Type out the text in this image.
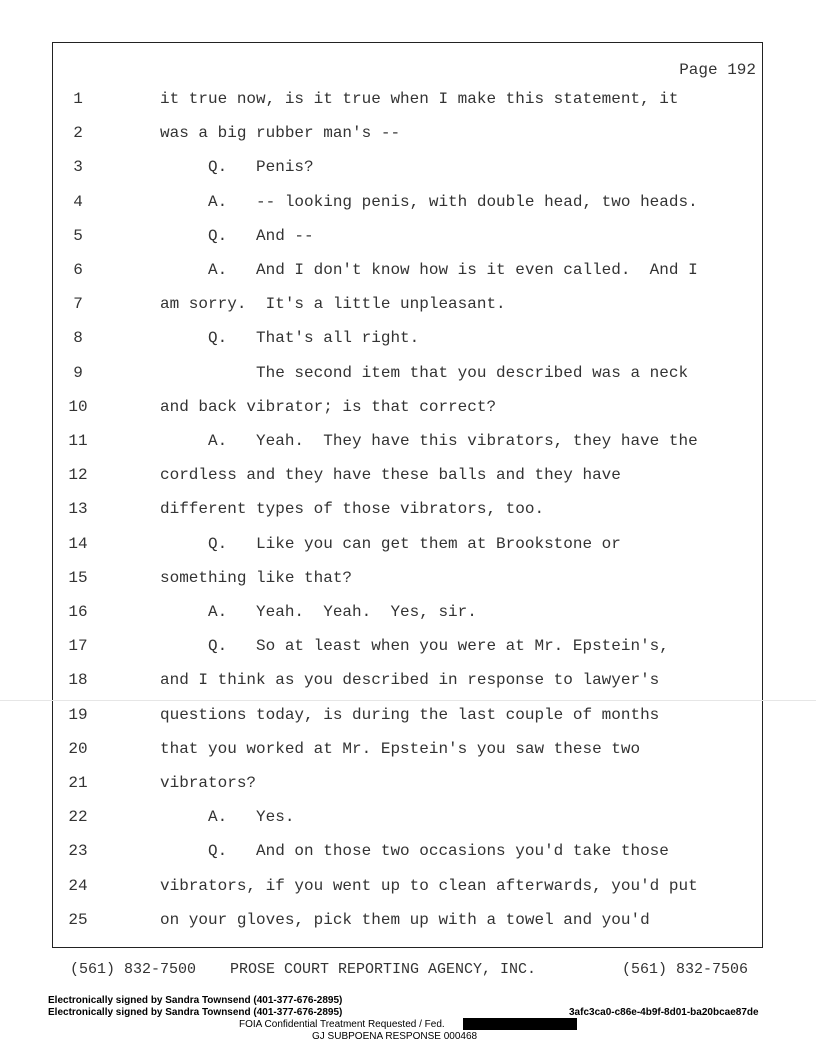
Page 192
1	it true now, is it true when I make this statement, it
2	was a big rubber man's --
3	Q.   Penis?
4	A.   -- looking penis, with double head, two heads.
5	Q.   And --
6	A.   And I don't know how is it even called.  And I
7	am sorry.  It's a little unpleasant.
8	Q.   That's all right.
9	The second item that you described was a neck
10	and back vibrator; is that correct?
11	A.   Yeah.  They have this vibrators, they have the
12	cordless and they have these balls and they have
13	different types of those vibrators, too.
14	Q.   Like you can get them at Brookstone or
15	something like that?
16	A.   Yeah.  Yeah.  Yes, sir.
17	Q.   So at least when you were at Mr. Epstein's,
18	and I think as you described in response to lawyer's
19	questions today, is during the last couple of months
20	that you worked at Mr. Epstein's you saw these two
21	vibrators?
22	A.   Yes.
23	Q.   And on those two occasions you'd take those
24	vibrators, if you went up to clean afterwards, you'd put
25	on your gloves, pick them up with a towel and you'd

(561) 832-7500

PROSE COURT REPORTING AGENCY, INC.

	(561) 832-7506

Electronically signed by Sandra Townsend (401-377-676-2895)
Electronically signed by Sandra Townsend (401-377-676-2895)	3afc3ca0-c86e-4b9f-8d01-ba20bcae87de
FOIA Confidential Treatment Requested / Fed.
GJ SUBPOENA RESPONSE 000468
